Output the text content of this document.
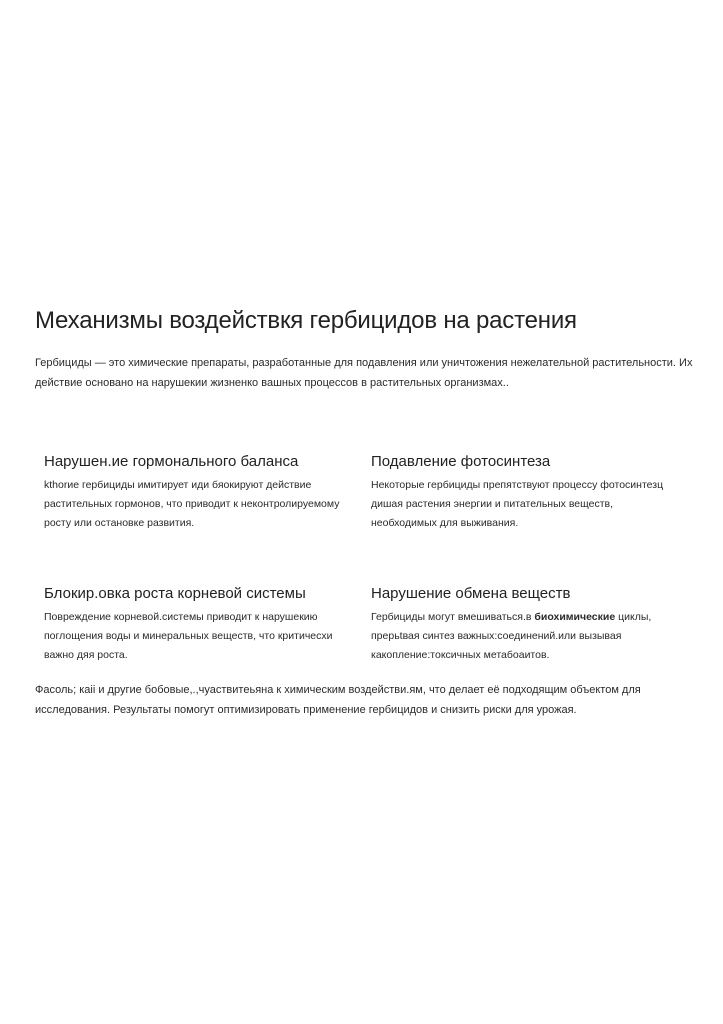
Механизмы воздействкя гербицидов на растения

Гербициды — это химические препараты, разработанные для подавления или уничтожения нежелательной растительности. Их действие основано на нарушекии жизненко вашных процессов в растительных организмах..

Нарушен.ие гормонального баланса

kthоrие гербициды имитирует иди бяокируют действие растительных гормонов, что приводит к неконтролируемому росту или остановке развития.

Подавление фотосинтеза

Некоторые гербициды препятствуют процессу фотосинтезц дишая растения энергии и питательных веществ, необходимых для выживания.

Блокир.овка роста корневой системы

Повреждение корневой.системы приводит к нарушекию поглощения воды и минеральных веществ, что критичесхи важно дяя роста.

Нарушение обмена веществ

Гербициды могут вмешиваться.в биохимические циклы, прерьtвая синтез важных:соединений.или вызывая какопление:токсичных метабоаитов.

Фасоль; каii и другие бобовые,.,чуаствитеьяна к химическим воздействи.ям, что делает её подходящим объектом для исследования. Результаты помогут оптимизировать применение гербицидов и снизить риски для урожая.
